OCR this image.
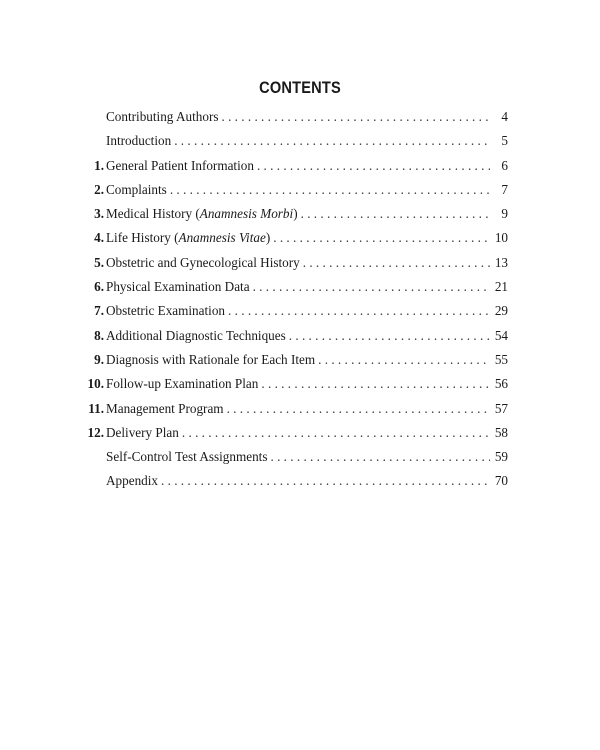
CONTENTS
Contributing Authors . . .	4
Introduction . . .	5
1. General Patient Information . . .	6
2. Complaints . . .	7
3. Medical History (Anamnesis Morbi) . . .	9
4. Life History (Anamnesis Vitae) . . .	10
5. Obstetric and Gynecological History . . .	13
6. Physical Examination Data . . .	21
7. Obstetric Examination . . .	29
8. Additional Diagnostic Techniques . . .	54
9. Diagnosis with Rationale for Each Item . . .	55
10. Follow-up Examination Plan . . .	56
11. Management Program . . .	57
12. Delivery Plan . . .	58
Self-Control Test Assignments . . .	59
Appendix . . .	70
